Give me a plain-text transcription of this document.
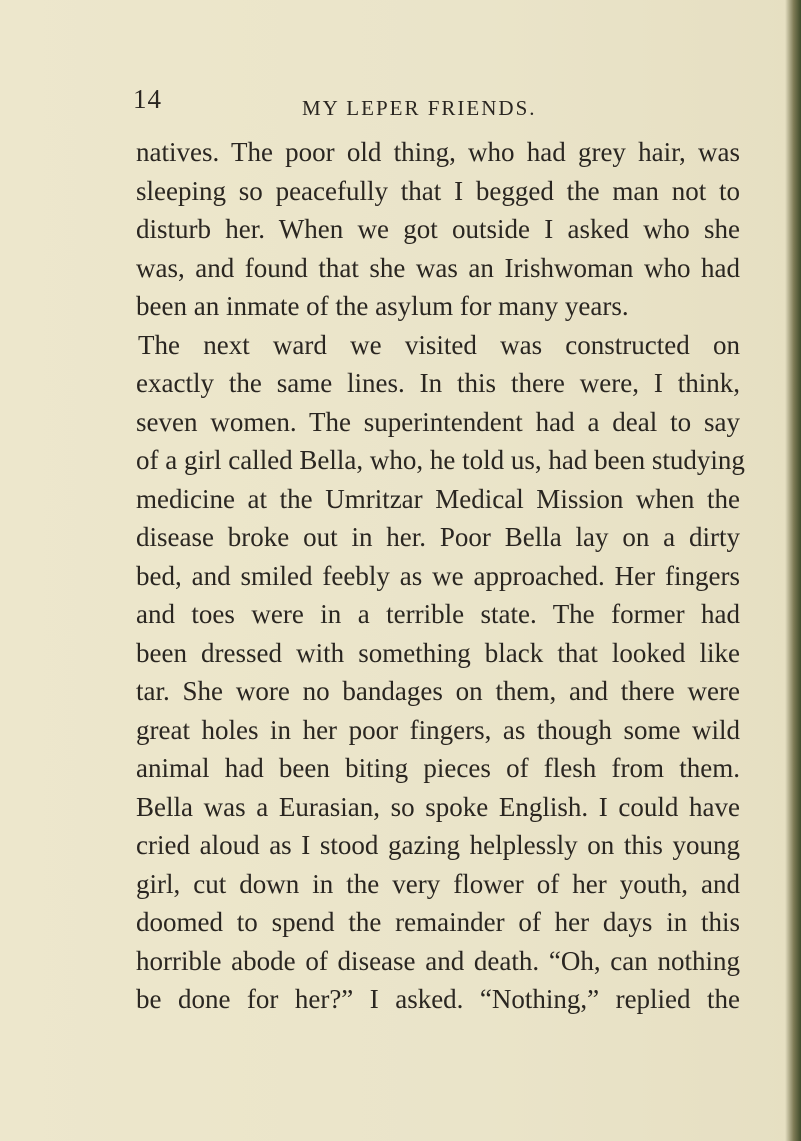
14	MY LEPER FRIENDS.
natives. The poor old thing, who had grey hair, was
sleeping so peacefully that I begged the man not to
disturb her. When we got outside I asked who she
was, and found that she was an Irishwoman who had
been an inmate of the asylum for many years.
The next ward we visited was constructed on
exactly the same lines. In this there were, I think,
seven women. The superintendent had a deal to say
of a girl called Bella, who, he told us, had been studying
medicine at the Umritzar Medical Mission when the
disease broke out in her. Poor Bella lay on a dirty
bed, and smiled feebly as we approached. Her fingers
and toes were in a terrible state. The former had
been dressed with something black that looked like
tar. She wore no bandages on them, and there were
great holes in her poor fingers, as though some wild
animal had been biting pieces of flesh from them.
Bella was a Eurasian, so spoke English. I could have
cried aloud as I stood gazing helplessly on this young
girl, cut down in the very flower of her youth, and
doomed to spend the remainder of her days in this
horrible abode of disease and death. “Oh, can nothing
be done for her?” I asked. “Nothing,” replied the
